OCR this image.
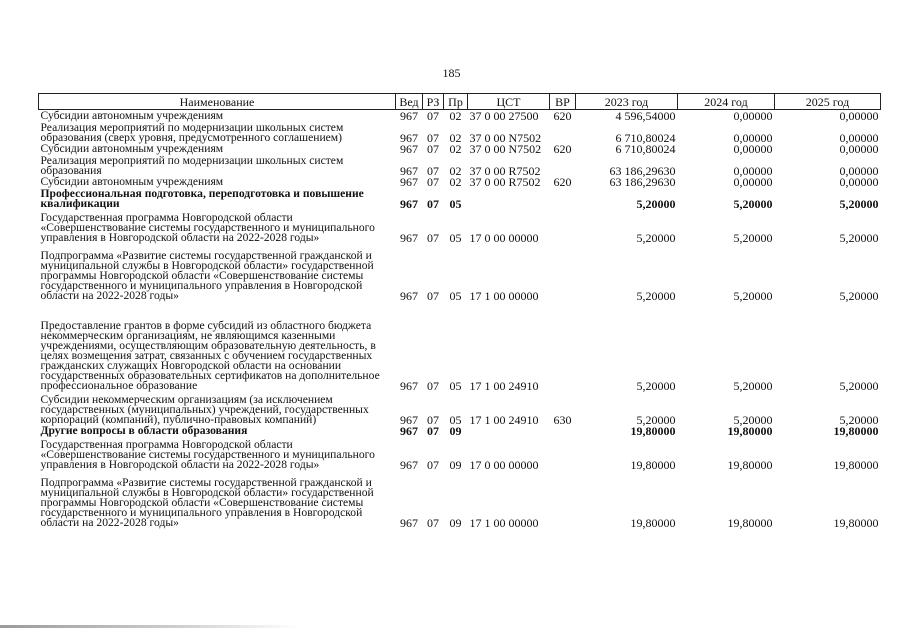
185
Наименование	Вед	РЗ	Пр	ЦСТ	ВР	2023 год	2024 год	2025 год
Субсидии автономным учреждениям	967	07	02	37 0 00 27500	620	4 596,54000	0,00000	0,00000
Реализация мероприятий по модернизации школьных систем образования (сверх уровня, предусмотренного соглашением)	967	07	02	37 0 00 N7502		6 710,80024	0,00000	0,00000
Субсидии автономным учреждениям	967	07	02	37 0 00 N7502	620	6 710,80024	0,00000	0,00000
Реализация мероприятий по модернизации школьных систем образования	967	07	02	37 0 00 R7502		63 186,29630	0,00000	0,00000
Субсидии автономным учреждениям	967	07	02	37 0 00 R7502	620	63 186,29630	0,00000	0,00000
Профессиональная подготовка, переподготовка и повышение квалификации	967	07	05			5,20000	5,20000	5,20000
Государственная программа Новгородской области «Совершенствование системы государственного и муниципального управления в Новгородской области на 2022-2028 годы»	967	07	05	17 0 00 00000		5,20000	5,20000	5,20000
Подпрограмма «Развитие системы государственной гражданской и муниципальной службы в Новгородской области» государственной программы Новгородской области «Совершенствование системы государственного и муниципального управления в Новгородской области на 2022-2028 годы»	967	07	05	17 1 00 00000		5,20000	5,20000	5,20000
Предоставление грантов в форме субсидий из областного бюджета некоммерческим организациям, не являющимся казенными учреждениями, осуществляющим образовательную деятельность, в целях возмещения затрат, связанных с обучением государственных гражданских служащих Новгородской области на основании государственных образовательных сертификатов на дополнительное профессиональное образование	967	07	05	17 1 00 24910		5,20000	5,20000	5,20000
Субсидии некоммерческим организациям (за исключением государственных (муниципальных) учреждений, государственных корпораций (компаний), публично-правовых компаний)	967	07	05	17 1 00 24910	630	5,20000	5,20000	5,20000
Другие вопросы в области образования	967	07	09			19,80000	19,80000	19,80000
Государственная программа Новгородской области «Совершенствование системы государственного и муниципального управления в Новгородской области на 2022-2028 годы»	967	07	09	17 0 00 00000		19,80000	19,80000	19,80000
Подпрограмма «Развитие системы государственной гражданской и муниципальной службы в Новгородской области» государственной программы Новгородской области «Совершенствование системы государственного и муниципального управления в Новгородской области на 2022-2028 годы»	967	07	09	17 1 00 00000		19,80000	19,80000	19,80000
